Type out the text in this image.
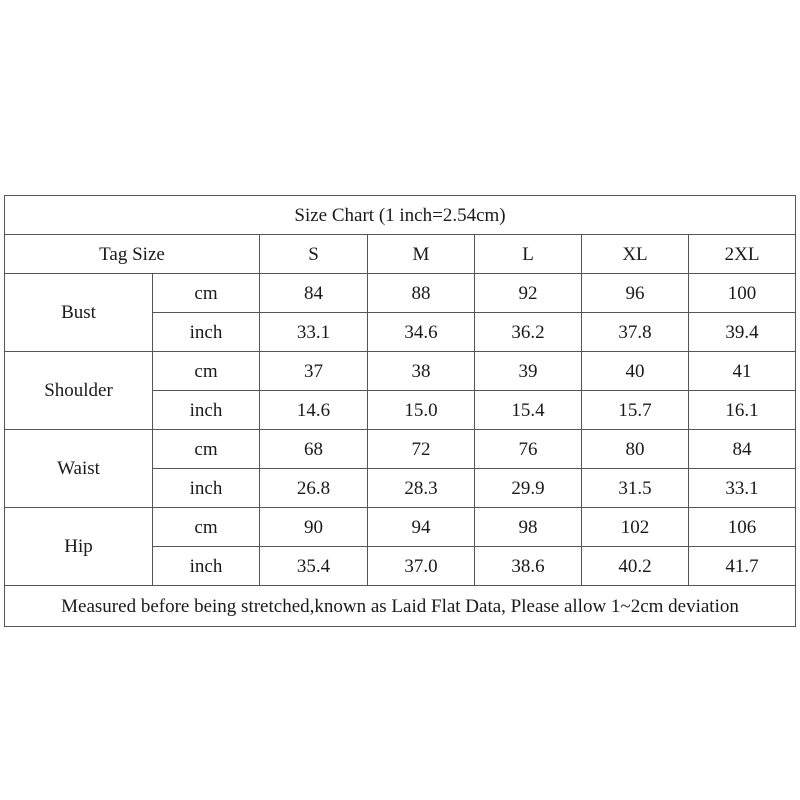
Size Chart (1 inch=2.54cm)						
Tag Size		S	M	L	XL	2XL
Bust	cm	84	88	92	96	100
	inch	33.1	34.6	36.2	37.8	39.4
Shoulder	cm	37	38	39	40	41
	inch	14.6	15.0	15.4	15.7	16.1
Waist	cm	68	72	76	80	84
	inch	26.8	28.3	29.9	31.5	33.1
Hip	cm	90	94	98	102	106
	inch	35.4	37.0	38.6	40.2	41.7
Measured before being stretched,known as Laid Flat Data, Please allow 1~2cm deviation						
